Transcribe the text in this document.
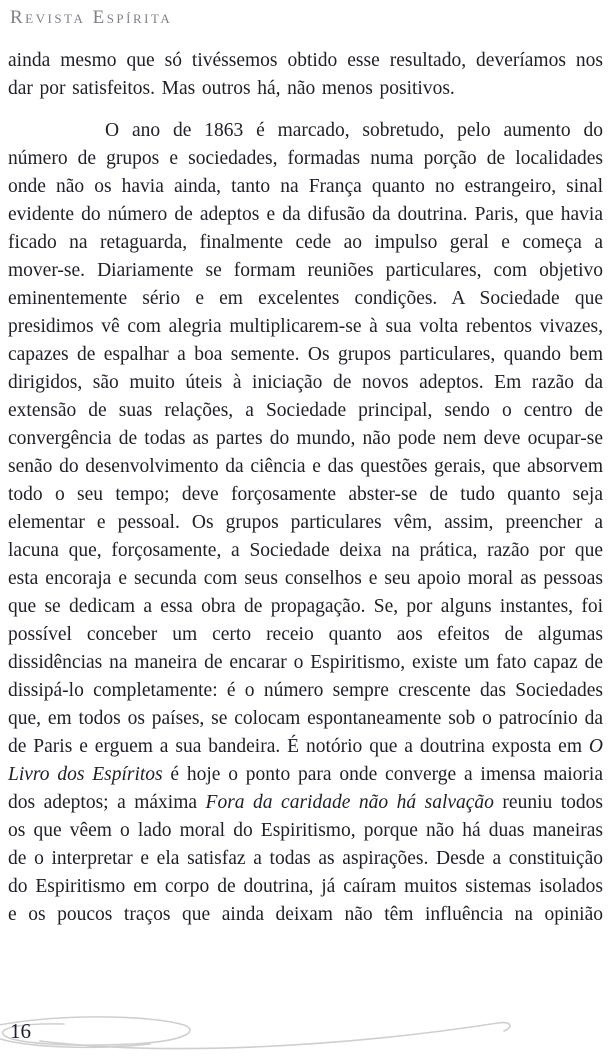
Revista Espírita

ainda mesmo que só tivéssemos obtido esse resultado, deveríamos nos dar por satisfeitos. Mas outros há, não menos positivos.

O ano de 1863 é marcado, sobretudo, pelo aumento do número de grupos e sociedades, formadas numa porção de localidades onde não os havia ainda, tanto na França quanto no estrangeiro, sinal evidente do número de adeptos e da difusão da doutrina. Paris, que havia ficado na retaguarda, finalmente cede ao impulso geral e começa a mover-se. Diariamente se formam reuniões particulares, com objetivo eminentemente sério e em excelentes condições. A Sociedade que presidimos vê com alegria multiplicarem-se à sua volta rebentos vivazes, capazes de espalhar a boa semente. Os grupos particulares, quando bem dirigidos, são muito úteis à iniciação de novos adeptos. Em razão da extensão de suas relações, a Sociedade principal, sendo o centro de convergência de todas as partes do mundo, não pode nem deve ocupar-se senão do desenvolvimento da ciência e das questões gerais, que absorvem todo o seu tempo; deve forçosamente abster-se de tudo quanto seja elementar e pessoal. Os grupos particulares vêm, assim, preencher a lacuna que, forçosamente, a Sociedade deixa na prática, razão por que esta encoraja e secunda com seus conselhos e seu apoio moral as pessoas que se dedicam a essa obra de propagação. Se, por alguns instantes, foi possível conceber um certo receio quanto aos efeitos de algumas dissidências na maneira de encarar o Espiritismo, existe um fato capaz de dissipá-lo completamente: é o número sempre crescente das Sociedades que, em todos os países, se colocam espontaneamente sob o patrocínio da de Paris e erguem a sua bandeira. É notório que a doutrina exposta em O Livro dos Espíritos é hoje o ponto para onde converge a imensa maioria dos adeptos; a máxima Fora da caridade não há salvação reuniu todos os que vêem o lado moral do Espiritismo, porque não há duas maneiras de o interpretar e ela satisfaz a todas as aspirações. Desde a constituição do Espiritismo em corpo de doutrina, já caíram muitos sistemas isolados e os poucos traços que ainda deixam não têm influência na opinião

16
